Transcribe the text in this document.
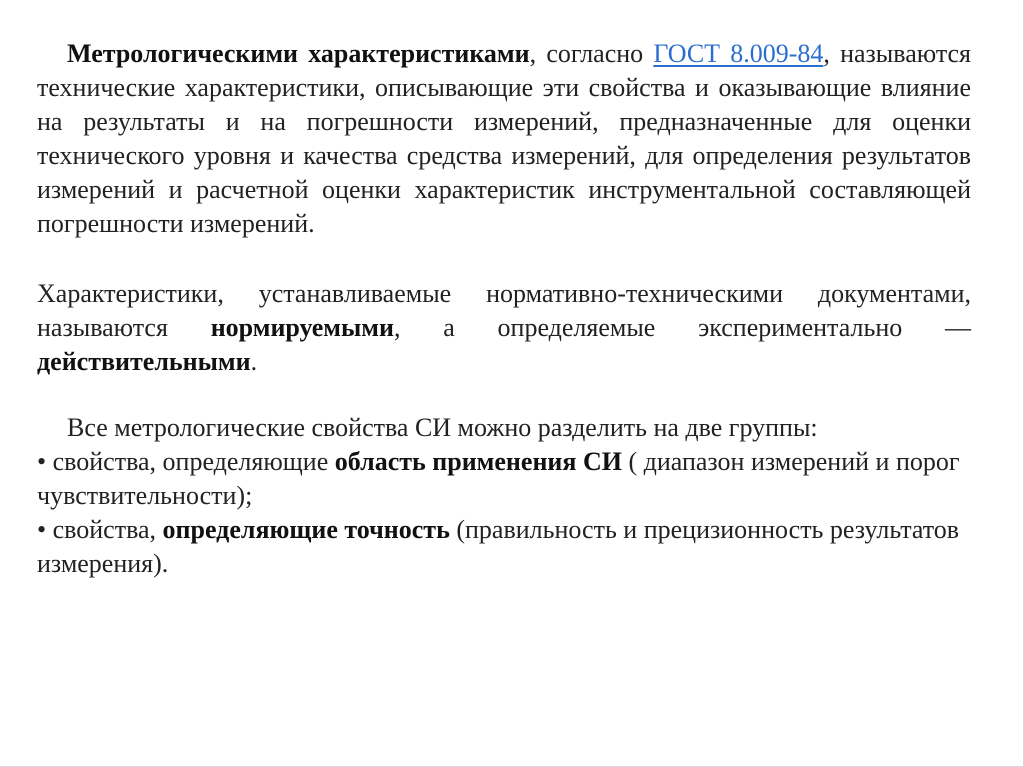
Метрологическими характеристиками, согласно ГОСТ 8.009-84, называются технические характеристики, описывающие эти свойства и оказывающие влияние на результаты и на погрешности измерений, предназначенные для оценки технического уровня и качества средства измерений, для определения результатов измерений и расчетной оценки характеристик инструментальной составляющей погрешности измерений.
Характеристики, устанавливаемые нормативно-техническими документами, называются нормируемыми, а определяемые экспериментально — действительными.
Все метрологические свойства СИ можно разделить на две группы:
• свойства, определяющие область применения СИ ( диапазон измерений и порог чувствительности);
• свойства, определяющие точность (правильность и прецизионность результатов измерения).
